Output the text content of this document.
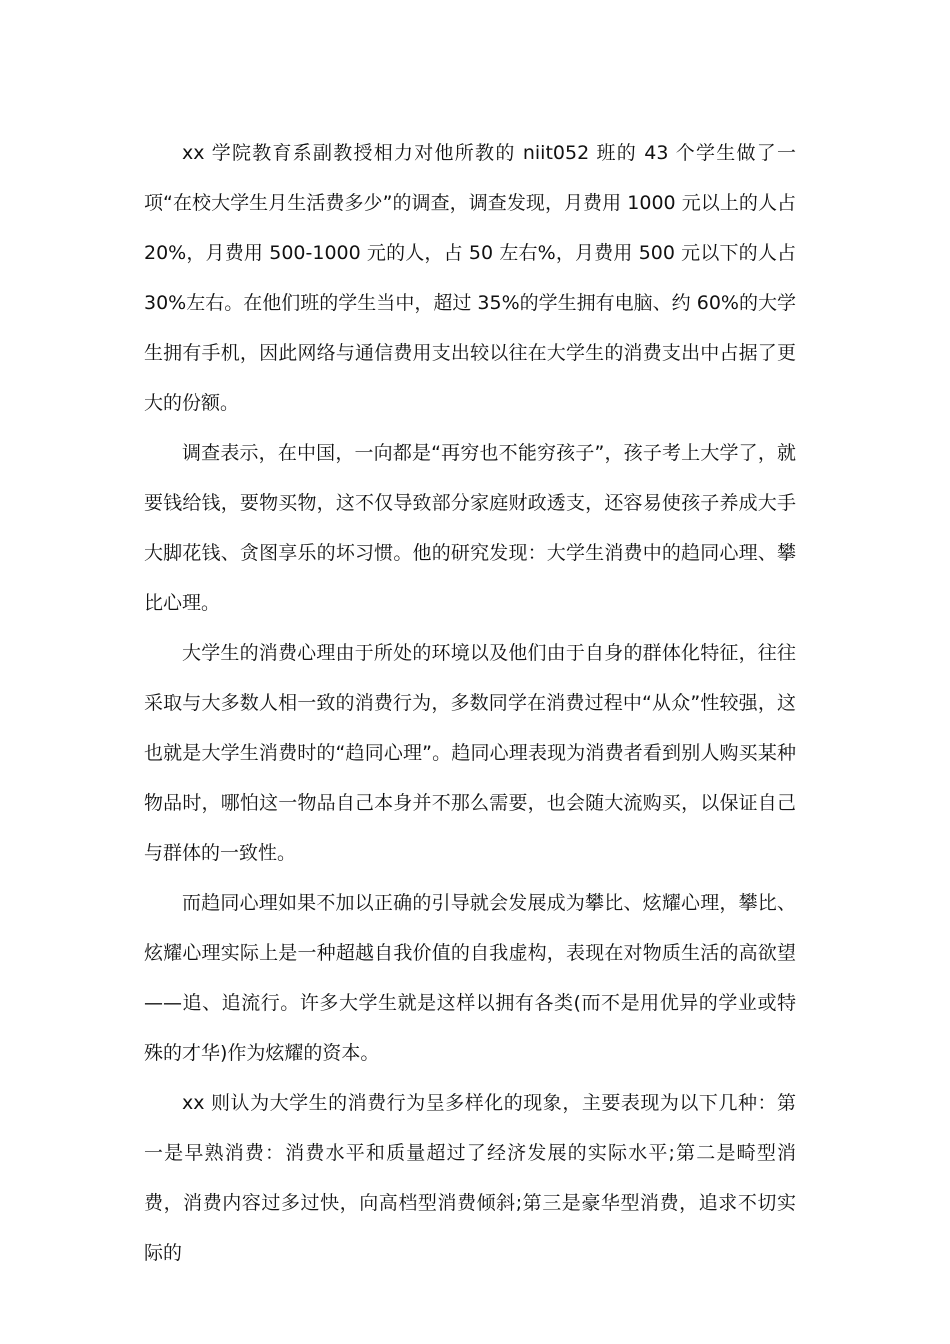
xx 学院教育系副教授相力对他所教的 niit052 班的 43 个学生做了一项“在校大学生月生活费多少”的调查，调查发现，月费用 1000 元以上的人占 20%，月费用 500-1000 元的人，占 50 左右%，月费用 500 元以下的人占 30%左右。在他们班的学生当中，超过 35%的学生拥有电脑、约 60%的大学生拥有手机，因此网络与通信费用支出较以往在大学生的消费支出中占据了更大的份额。

调查表示，在中国，一向都是“再穷也不能穷孩子”，孩子考上大学了，就要钱给钱，要物买物，这不仅导致部分家庭财政透支，还容易使孩子养成大手大脚花钱、贪图享乐的坏习惯。他的研究发现：大学生消费中的趋同心理、攀比心理。

大学生的消费心理由于所处的环境以及他们由于自身的群体化特征，往往采取与大多数人相一致的消费行为，多数同学在消费过程中“从众”性较强，这也就是大学生消费时的“趋同心理”。趋同心理表现为消费者看到别人购买某种物品时，哪怕这一物品自己本身并不那么需要，也会随大流购买，以保证自己与群体的一致性。

而趋同心理如果不加以正确的引导就会发展成为攀比、炫耀心理，攀比、炫耀心理实际上是一种超越自我价值的自我虚构，表现在对物质生活的高欲望——追、追流行。许多大学生就是这样以拥有各类(而不是用优异的学业或特殊的才华)作为炫耀的资本。

xx 则认为大学生的消费行为呈多样化的现象，主要表现为以下几种：第一是早熟消费：消费水平和质量超过了经济发展的实际水平;第二是畸型消费，消费内容过多过快，向高档型消费倾斜;第三是豪华型消费，追求不切实际的
